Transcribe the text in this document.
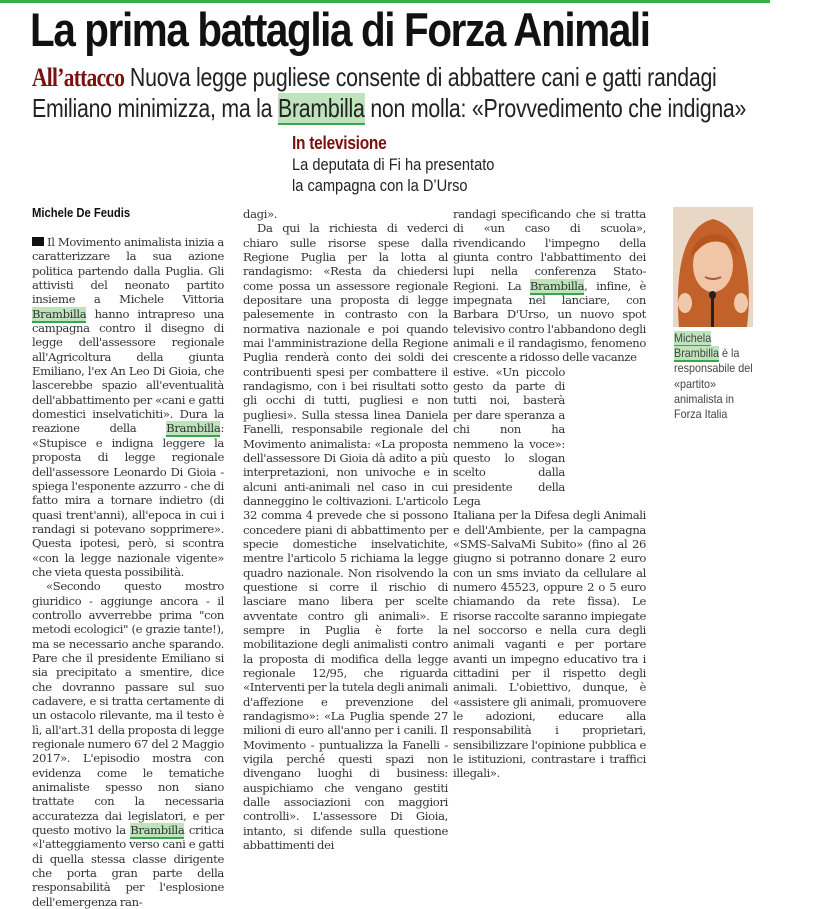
La prima battaglia di Forza Animali
All’attacco Nuova legge pugliese consente di abbattere cani e gatti randagi
Emiliano minimizza, ma la Brambilla non molla: «Provvedimento che indigna»
In televisione
La deputata di Fi ha presentato
la campagna con la D’Urso
Michele De Feudis

Il Movimento animalista inizia a caratterizzare la sua azione politica partendo dalla Puglia. Gli attivisti del neonato partito insieme a Michele Vittoria Brambilla hanno intrapreso una campagna contro il disegno di legge dell'assessore regionale all'Agricoltura della giunta Emiliano, l'ex An Leo Di Gioia, che lascerebbe spazio all'eventualità dell'abbattimento per «cani e gatti domestici inselvatichiti». Dura la reazione della	Brambilla: «Stupisce e indigna leggere la proposta di legge regionale dell'assessore Leonardo Di Gioia - spiega l'esponente azzurro - che di fatto mira a tornare indietro (di quasi trent'anni), all'epoca in cui i randagi si potevano sopprimere». Questa ipotesi, però, si scontra «con la legge nazionale vigente» che vieta questa possibilità.

«Secondo questo mostro giuridico - aggiunge ancora - il controllo avverrebbe prima "con metodi ecologici" (e grazie tante!), ma se necessario anche sparando. Pare che il presidente Emiliano si sia precipitato a smentire, dice che dovranno passare sul suo cadavere, e si tratta certamente di un ostacolo rilevante, ma il testo è lì, all'art.31 della proposta di legge regionale numero 67 del 2 Maggio 2017». L'episodio mostra con evidenza come le tematiche animaliste spesso non siano trattate con la necessaria accuratezza dai legislatori, e per questo motivo la Brambilla critica «l'atteggiamento verso cani e gatti di quella stessa classe dirigente che porta gran parte della responsabilità per l'esplosione dell'emergenza ran-

dagi».

Da qui la richiesta di vederci chiaro sulle risorse spese dalla Regione Puglia per la lotta al randagismo: «Resta da chiedersi come possa un assessore regionale depositare una proposta di legge palesemente in contrasto con la normativa nazionale e poi quando mai l'amministrazione della Regione Puglia renderà conto dei soldi dei contribuenti spesi per combattere il randagismo, con i bei risultati sotto gli occhi di tutti, pugliesi e non pugliesi». Sulla stessa linea Daniela Fanelli, responsabile regionale del Movimento animalista: «La proposta dell'assessore Di Gioia dà adito a più interpretazioni, non univoche e in alcuni anti-animali nel caso in cui danneggino le coltivazioni. L'articolo 32 comma 4 prevede che si possono concedere piani di abbattimento per specie domestiche inselvatichite, mentre l'articolo 5 richiama la legge quadro nazionale. Non risolvendo la questione si corre il rischio di lasciare mano libera per scelte avventate contro gli animali». E sempre in Puglia è forte la mobilitazione degli animalisti contro la proposta di modifica della legge regionale 12/95, che riguarda «Interventi per la tutela degli animali d'affezione e prevenzione del randagismo»: «La Puglia spende 27 milioni di euro all'anno per i canili. Il Movimento - puntualizza la Fanelli - vigila perché questi spazi non divengano luoghi di business: auspichiamo che vengano gestiti dalle associazioni con maggiori controlli». L'assessore Di Gioia, intanto, si difende sulla questione abbattimenti dei

randagi specificando che si tratta di «un caso di scuola», rivendicando l'impegno della giunta contro l'abbattimento dei lupi nella conferenza Stato-Regioni. La Brambilla, infine, è impegnata nel lanciare, con Barbara D'Urso, un nuovo spot televisivo contro l'abbandono degli animali e il randagismo, fenomeno crescente a ridosso delle vacanze

estive. «Un piccolo gesto da parte di tutti noi, basterà per dare speranza a chi non ha nemmeno la voce»: questo lo slogan scelto dalla presidente della Lega

Italiana per la Difesa degli Animali e dell'Ambiente, per la campagna «SMS-SalvaMi Subito» (fino al 26 giugno si potranno donare 2 euro con un sms inviato da cellulare al numero 45523, oppure 2 o 5 euro chiamando da rete fissa). Le risorse raccolte saranno impiegate nel soccorso e nella cura degli animali vaganti e per portare avanti un impegno educativo tra i cittadini per il rispetto degli animali. L'obiettivo, dunque, è «assistere gli animali, promuovere le adozioni, educare alla responsabilità i proprietari, sensibilizzare l'opinione pubblica e le istituzioni, contrastare i traffici illegali».

Michela Brambilla è la responsabile del «partito» animalista in Forza Italia
